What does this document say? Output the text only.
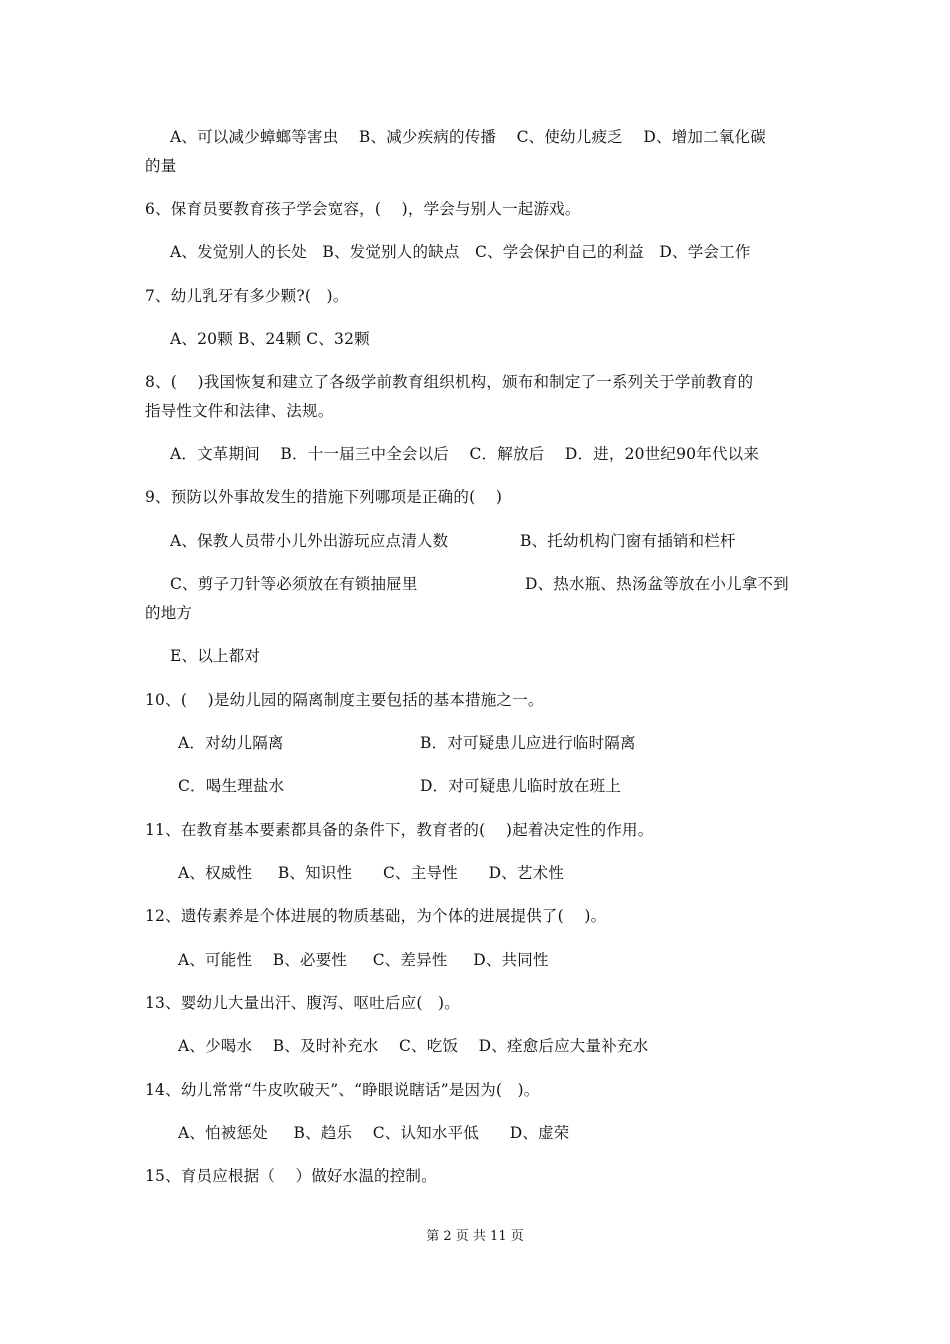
A、可以减少蟑螂等害虫    B、减少疾病的传播    C、使幼儿疲乏    D、增加二氧化碳
的量
6、保育员要教育孩子学会宽容，(    )，学会与别人一起游戏。
A、发觉别人的长处   B、发觉别人的缺点   C、学会保护自己的利益   D、学会工作
7、幼儿乳牙有多少颗?(   )。
A、20颗 B、24颗 C、32颗
8、(    )我国恢复和建立了各级学前教育组织机构，颁布和制定了一系列关于学前教育的
指导性文件和法律、法规。
A．文革期间    B．十一届三中全会以后    C．解放后    D．进，20世纪90年代以来
9、预防以外事故发生的措施下列哪项是正确的(    )
A、保教人员带小儿外出游玩应点清人数	B、托幼机构门窗有插销和栏杆
C、剪子刀针等必须放在有锁抽屉里	D、热水瓶、热汤盆等放在小儿拿不到
的地方
E、以上都对
10、(    )是幼儿园的隔离制度主要包括的基本措施之一。
A．对幼儿隔离	B．对可疑患儿应进行临时隔离
C．喝生理盐水	D．对可疑患儿临时放在班上
11、在教育基本要素都具备的条件下，教育者的(    )起着决定性的作用。
A、权威性     B、知识性      C、主导性      D、艺术性
12、遗传素养是个体进展的物质基础，为个体的进展提供了(    )。
A、可能性    B、必要性     C、差异性     D、共同性
13、婴幼儿大量出汗、腹泻、呕吐后应(   )。
A、少喝水    B、及时补充水    C、吃饭    D、痊愈后应大量补充水
14、幼儿常常“牛皮吹破天”、“睁眼说瞎话”是因为(   )。
A、怕被惩处     B、趋乐    C、认知水平低      D、虚荣
15、育员应根据（    ）做好水温的控制。
第 2 页 共 11 页
